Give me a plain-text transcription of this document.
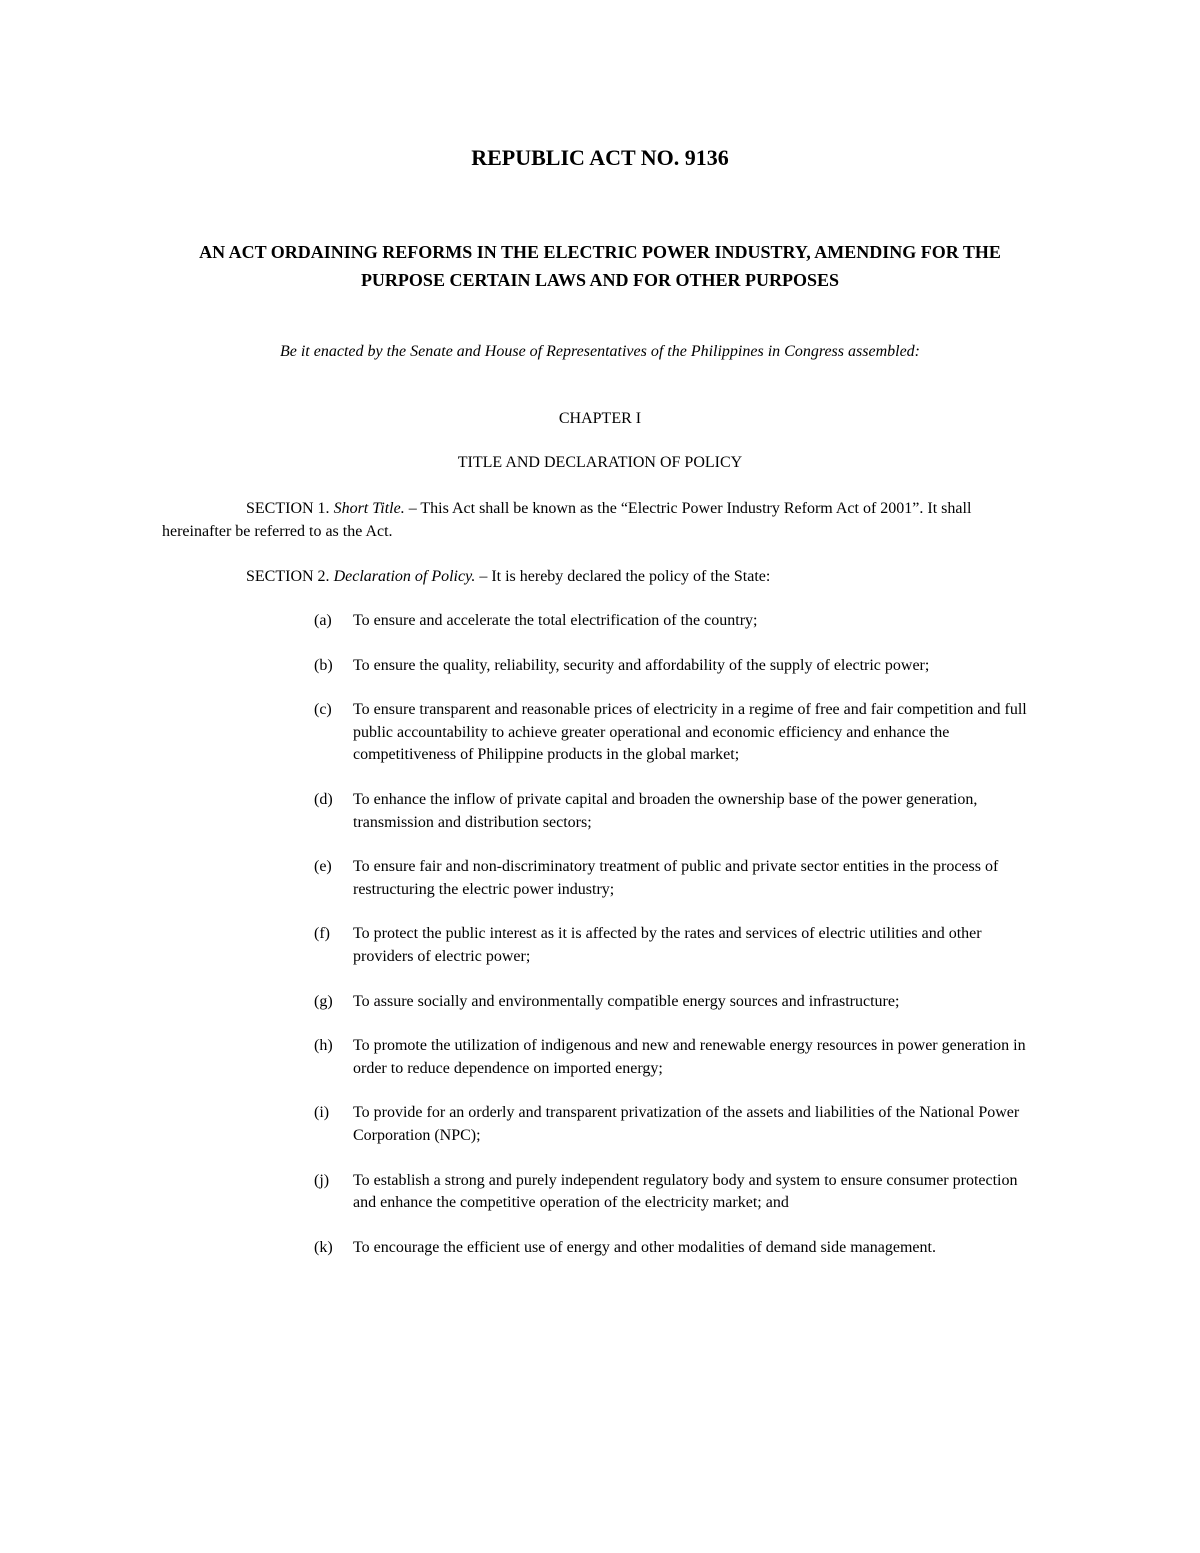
REPUBLIC ACT NO. 9136
AN ACT ORDAINING REFORMS IN THE ELECTRIC POWER INDUSTRY, AMENDING FOR THE PURPOSE CERTAIN LAWS AND FOR OTHER PURPOSES

Be it enacted by the Senate and House of Representatives of the Philippines in Congress assembled:

CHAPTER I

TITLE AND DECLARATION OF POLICY

SECTION 1. Short Title. – This Act shall be known as the “Electric Power Industry Reform Act of 2001”. It shall hereinafter be referred to as the Act.

SECTION 2. Declaration of Policy. – It is hereby declared the policy of the State:

(a)	To ensure and accelerate the total electrification of the country;
(b)	To ensure the quality, reliability, security and affordability of the supply of electric power;
(c)	To ensure transparent and reasonable prices of electricity in a regime of free and fair competition and full public accountability to achieve greater operational and economic efficiency and enhance the competitiveness of Philippine products in the global market;
(d)	To enhance the inflow of private capital and broaden the ownership base of the power generation, transmission and distribution sectors;
(e)	To ensure fair and non-discriminatory treatment of public and private sector entities in the process of restructuring the electric power industry;
(f)	To protect the public interest as it is affected by the rates and services of electric utilities and other providers of electric power;
(g)	To assure socially and environmentally compatible energy sources and infrastructure;
(h)	To promote the utilization of indigenous and new and renewable energy resources in power generation in order to reduce dependence on imported energy;
(i)	To provide for an orderly and transparent privatization of the assets and liabilities of the National Power Corporation (NPC);
(j)	To establish a strong and purely independent regulatory body and system to ensure consumer protection and enhance the competitive operation of the electricity market; and
(k)	To encourage the efficient use of energy and other modalities of demand side management.
